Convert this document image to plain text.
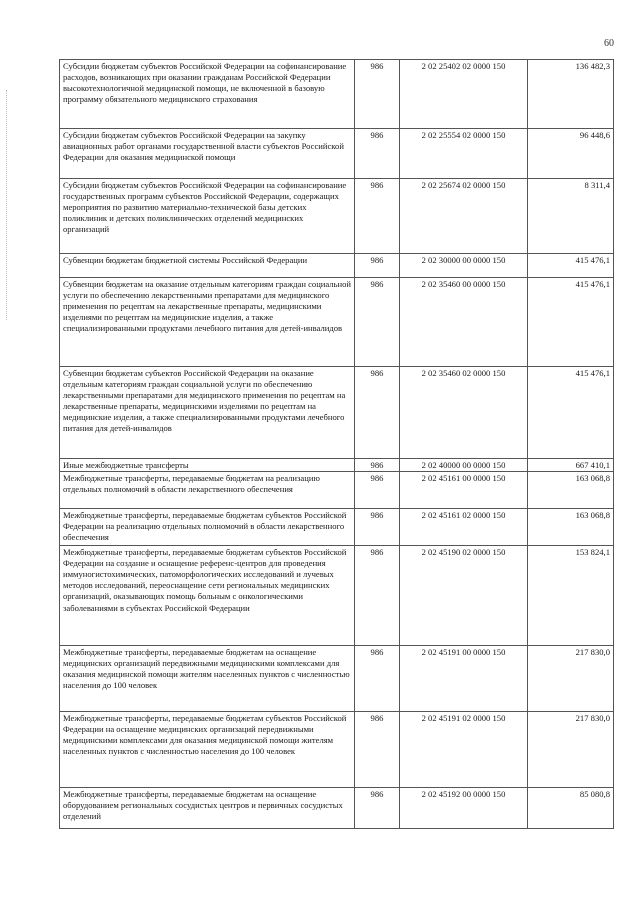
60
Субсидии бюджетам субъектов Российской Федерации на софинансирование расходов, возникающих при оказании гражданам Российской Федерации высокотехнологичной медицинской помощи, не включенной в базовую программу обязательного медицинского страхования	986	2 02 25402 02 0000 150	136 482,3
Субсидии бюджетам субъектов Российской Федерации на закупку авиационных работ органами государственной власти субъектов Российской Федерации для оказания медицинской помощи	986	2 02 25554 02 0000 150	96 448,6
Субсидии бюджетам субъектов Российской Федерации на софинансирование государственных программ субъектов Российской Федерации, содержащих мероприятия по развитию материально-технической базы детских поликлиник и детских поликлинических отделений медицинских организаций	986	2 02 25674 02 0000 150	8 311,4
Субвенции бюджетам бюджетной системы Российской Федерации	986	2 02 30000 00 0000 150	415 476,1
Субвенции бюджетам на оказание отдельным категориям граждан социальной услуги по обеспечению лекарственными препаратами для медицинского применения по рецептам на лекарственные препараты, медицинскими изделиями по рецептам на медицинские изделия, а также специализированными продуктами лечебного питания для детей-инвалидов	986	2 02 35460 00 0000 150	415 476,1
Субвенции бюджетам субъектов Российской Федерации на оказание отдельным категориям граждан социальной услуги по обеспечению лекарственными препаратами для медицинского применения по рецептам на лекарственные препараты, медицинскими изделиями по рецептам на медицинские изделия, а также специализированными продуктами лечебного питания для детей-инвалидов	986	2 02 35460 02 0000 150	415 476,1
Иные межбюджетные трансферты	986	2 02 40000 00 0000 150	667 410,1
Межбюджетные трансферты, передаваемые бюджетам на реализацию отдельных полномочий в области лекарственного обеспечения	986	2 02 45161 00 0000 150	163 068,8
Межбюджетные трансферты, передаваемые бюджетам субъектов Российской Федерации на реализацию отдельных полномочий в области лекарственного обеспечения	986	2 02 45161 02 0000 150	163 068,8
Межбюджетные трансферты, передаваемые бюджетам субъектов Российской Федерации на создание и оснащение референс-центров для проведения иммуногистохимических, патоморфологических исследований и лучевых методов исследований, переоснащение сети региональных медицинских организаций, оказывающих помощь больным с онкологическими заболеваниями в субъектах Российской Федерации	986	2 02 45190 02 0000 150	153 824,1
Межбюджетные трансферты, передаваемые бюджетам на оснащение медицинских организаций передвижными медицинскими комплексами для оказания медицинской помощи жителям населенных пунктов с численностью населения до 100 человек	986	2 02 45191 00 0000 150	217 830,0
Межбюджетные трансферты, передаваемые бюджетам субъектов Российской Федерации на оснащение медицинских организаций передвижными медицинскими комплексами для оказания медицинской помощи жителям населенных пунктов с численностью населения до 100 человек	986	2 02 45191 02 0000 150	217 830,0
Межбюджетные трансферты, передаваемые бюджетам на оснащение оборудованием региональных сосудистых центров и первичных сосудистых отделений	986	2 02 45192 00 0000 150	85 080,8
